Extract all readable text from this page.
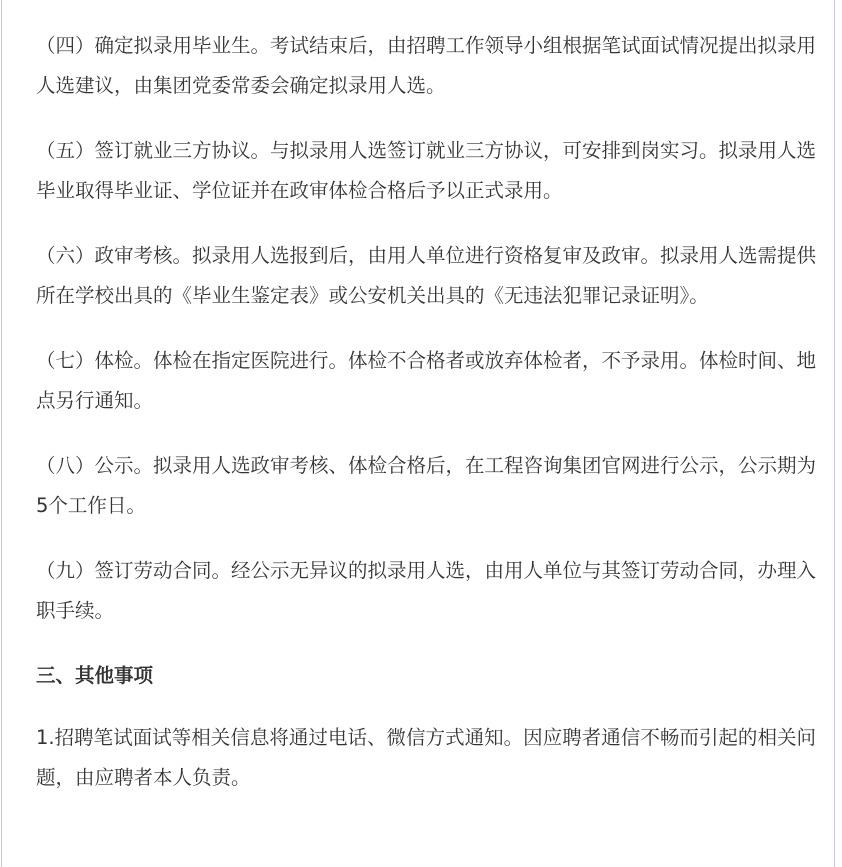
（四）确定拟录用毕业生。考试结束后，由招聘工作领导小组根据笔试面试情况提出拟录用人选建议，由集团党委常委会确定拟录用人选。

（五）签订就业三方协议。与拟录用人选签订就业三方协议，可安排到岗实习。拟录用人选毕业取得毕业证、学位证并在政审体检合格后予以正式录用。

（六）政审考核。拟录用人选报到后，由用人单位进行资格复审及政审。拟录用人选需提供所在学校出具的《毕业生鉴定表》或公安机关出具的《无违法犯罪记录证明》。

（七）体检。体检在指定医院进行。体检不合格者或放弃体检者，不予录用。体检时间、地点另行通知。

（八）公示。拟录用人选政审考核、体检合格后，在工程咨询集团官网进行公示，公示期为5个工作日。

（九）签订劳动合同。经公示无异议的拟录用人选，由用人单位与其签订劳动合同，办理入职手续。

三、其他事项

1.招聘笔试面试等相关信息将通过电话、微信方式通知。因应聘者通信不畅而引起的相关问题，由应聘者本人负责。
